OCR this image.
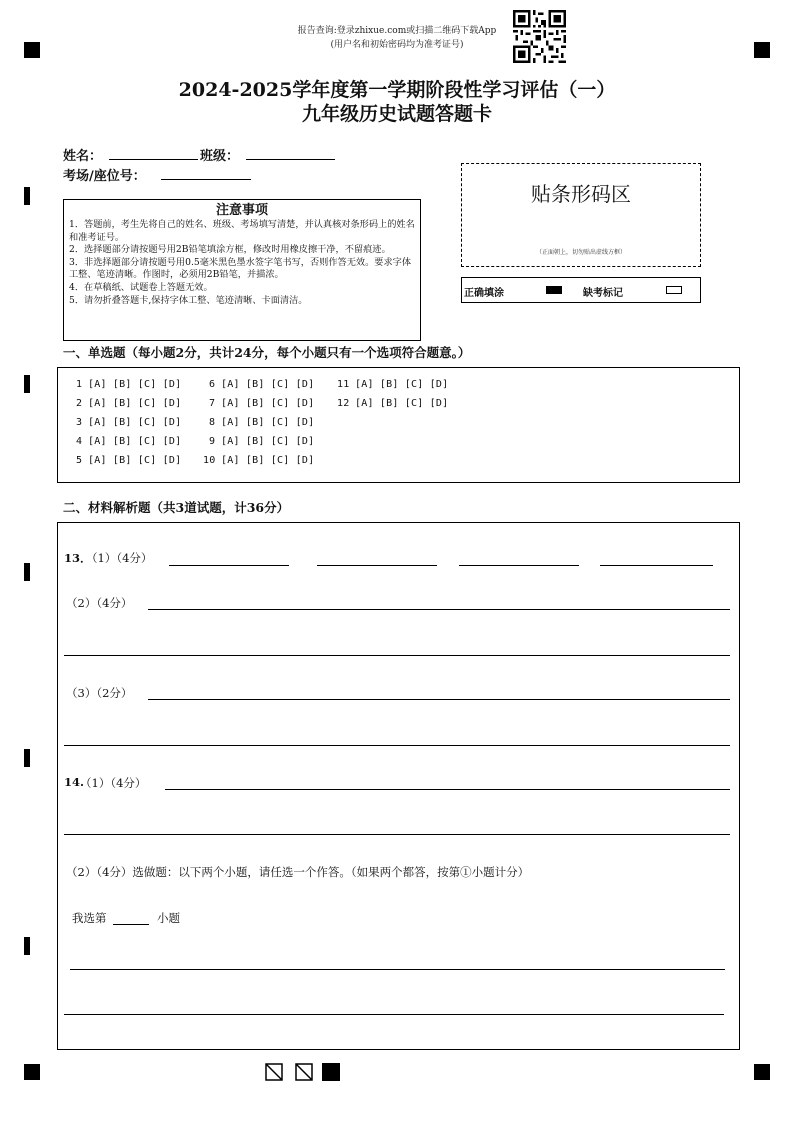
报告查询:登录zhixue.com或扫描二维码下载App
(用户名和初始密码均为准考证号)
2024-2025学年度第一学期阶段性学习评估（一）
九年级历史试题答题卡
姓名：	班级：
考场/座位号：
注意事项
1．答题前，考生先将自己的姓名、班级、考场填写清楚，并认真核对条形码上的姓名和准考证号。
2．选择题部分请按题号用2B铅笔填涂方框，修改时用橡皮擦干净，不留痕迹。
3．非选择题部分请按题号用0.5毫米黑色墨水签字笔书写，否则作答无效。要求字体工整、笔迹清晰。作图时，必须用2B铅笔，并描浓。
4．在草稿纸、试题卷上答题无效。
5．请勿折叠答题卡,保持字体工整、笔迹清晰、卡面清洁。
贴条形码区
（正面朝上，切勿贴出虚线方框）
正确填涂	缺考标记
一、单选题（每小题2分，共计24分，每个小题只有一个选项符合题意。）
1 [A] [B] [C] [D]
2 [A] [B] [C] [D]
3 [A] [B] [C] [D]
4 [A] [B] [C] [D]
5 [A] [B] [C] [D]
6 [A] [B] [C] [D]
7 [A] [B] [C] [D]
8 [A] [B] [C] [D]
9 [A] [B] [C] [D]
10 [A] [B] [C] [D]
11 [A] [B] [C] [D]
12 [A] [B] [C] [D]
二、材料解析题（共3道试题，计36分）
13．
（1）（4分）
（2）（4分）
（3）（2分）
14.
（1）（4分）
（2）（4分）选做题：以下两个小题，请任选一个作答。（如果两个都答，按第①小题计分）
我选第	小题
